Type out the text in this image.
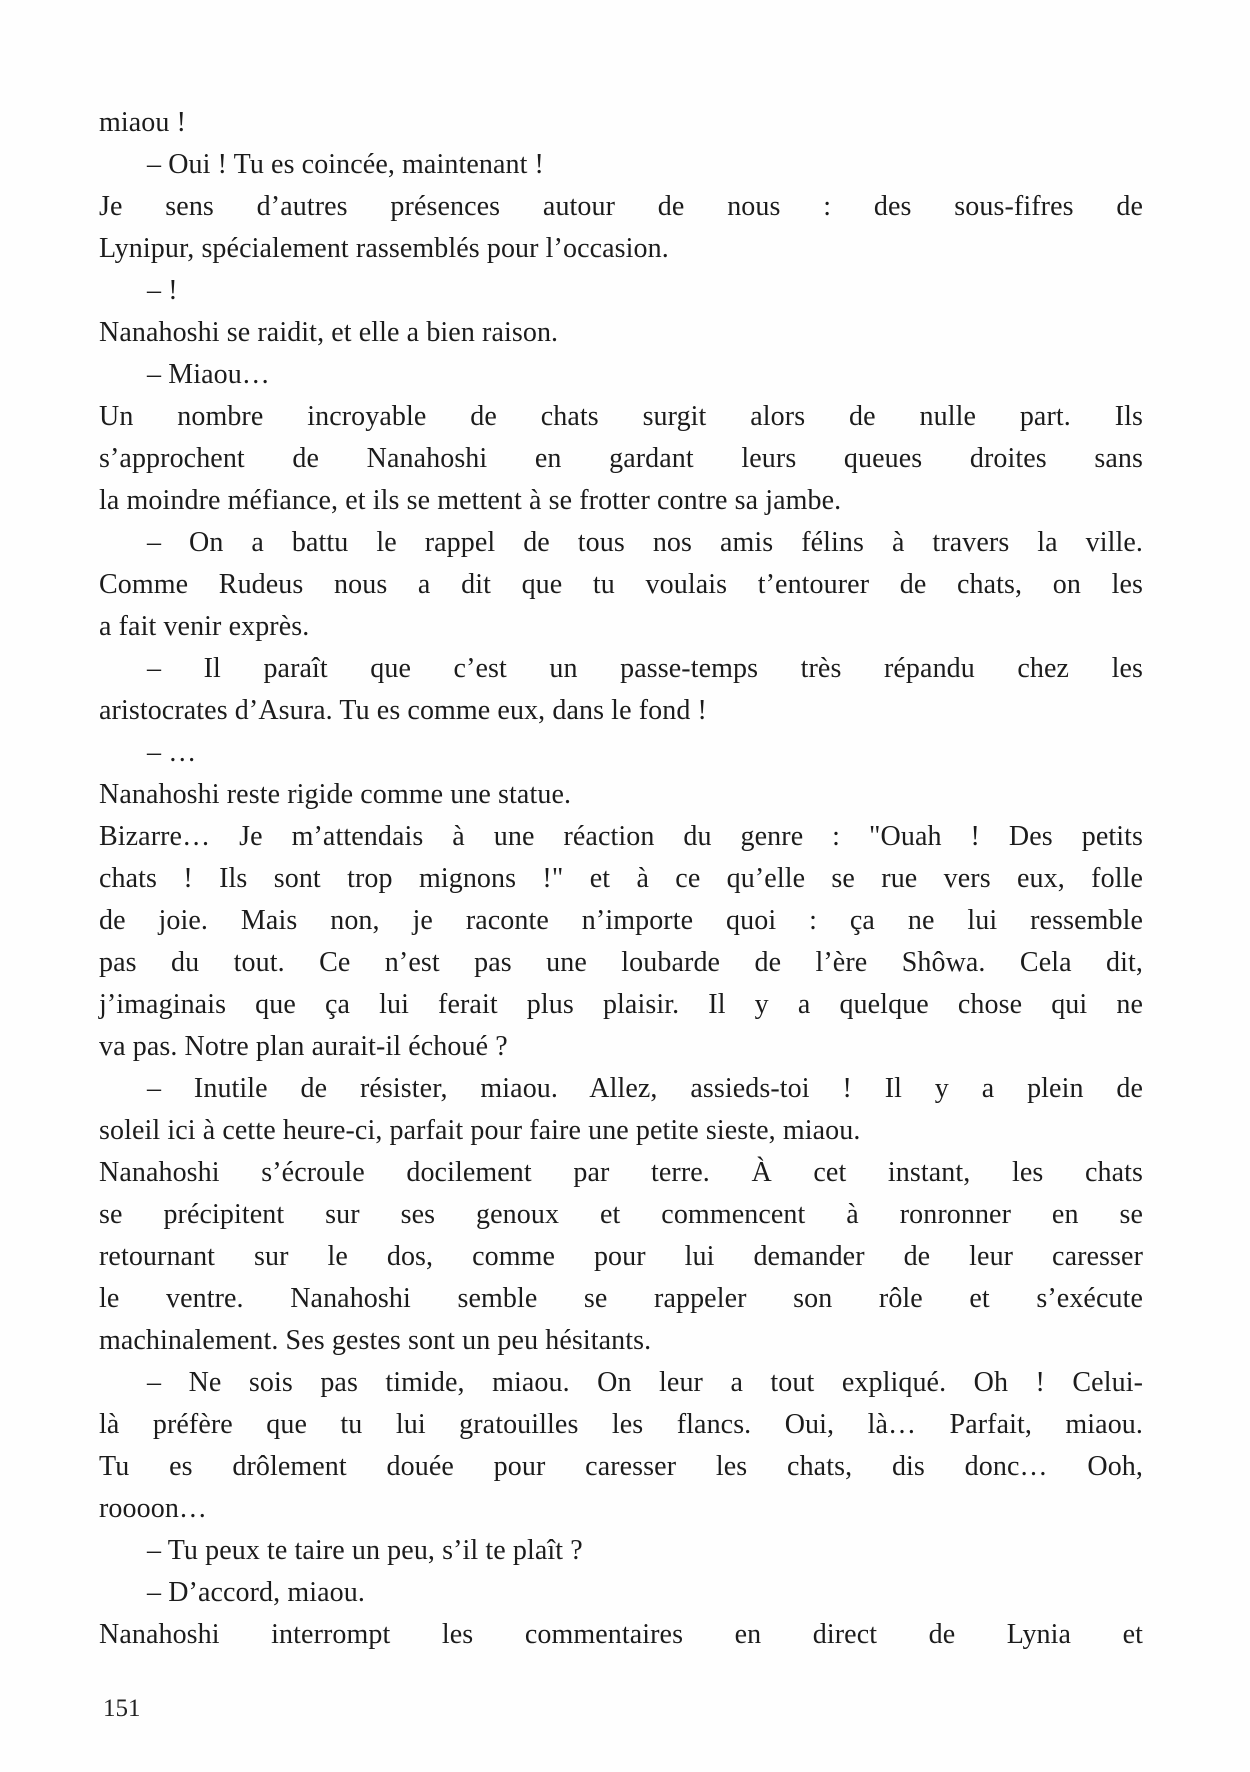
miaou !
– Oui ! Tu es coincée, maintenant !
Je sens d’autres présences autour de nous : des sous-fifres de
Lynipur, spécialement rassemblés pour l’occasion.
– !
Nanahoshi se raidit, et elle a bien raison.
– Miaou…
Un nombre incroyable de chats surgit alors de nulle part. Ils
s’approchent de Nanahoshi en gardant leurs queues droites sans
la moindre méfiance, et ils se mettent à se frotter contre sa jambe.
– On a battu le rappel de tous nos amis félins à travers la ville.
Comme Rudeus nous a dit que tu voulais t’entourer de chats, on les
a fait venir exprès.
– Il paraît que c’est un passe-temps très répandu chez les
aristocrates d’Asura. Tu es comme eux, dans le fond !
– …
Nanahoshi reste rigide comme une statue.
Bizarre… Je m’attendais à une réaction du genre : "Ouah ! Des petits
chats ! Ils sont trop mignons !" et à ce qu’elle se rue vers eux, folle
de joie. Mais non, je raconte n’importe quoi : ça ne lui ressemble
pas du tout. Ce n’est pas une loubarde de l’ère Shôwa. Cela dit,
j’imaginais que ça lui ferait plus plaisir. Il y a quelque chose qui ne
va pas. Notre plan aurait-il échoué ?
– Inutile de résister, miaou. Allez, assieds-toi ! Il y a plein de
soleil ici à cette heure-ci, parfait pour faire une petite sieste, miaou.
Nanahoshi s’écroule docilement par terre. À cet instant, les chats
se précipitent sur ses genoux et commencent à ronronner en se
retournant sur le dos, comme pour lui demander de leur caresser
le ventre. Nanahoshi semble se rappeler son rôle et s’exécute
machinalement. Ses gestes sont un peu hésitants.
– Ne sois pas timide, miaou. On leur a tout expliqué. Oh ! Celui-
là préfère que tu lui gratouilles les flancs. Oui, là… Parfait, miaou.
Tu es drôlement douée pour caresser les chats, dis donc… Ooh,
roooon…
– Tu peux te taire un peu, s’il te plaît ?
– D’accord, miaou.
Nanahoshi interrompt les commentaires en direct de Lynia et
151
